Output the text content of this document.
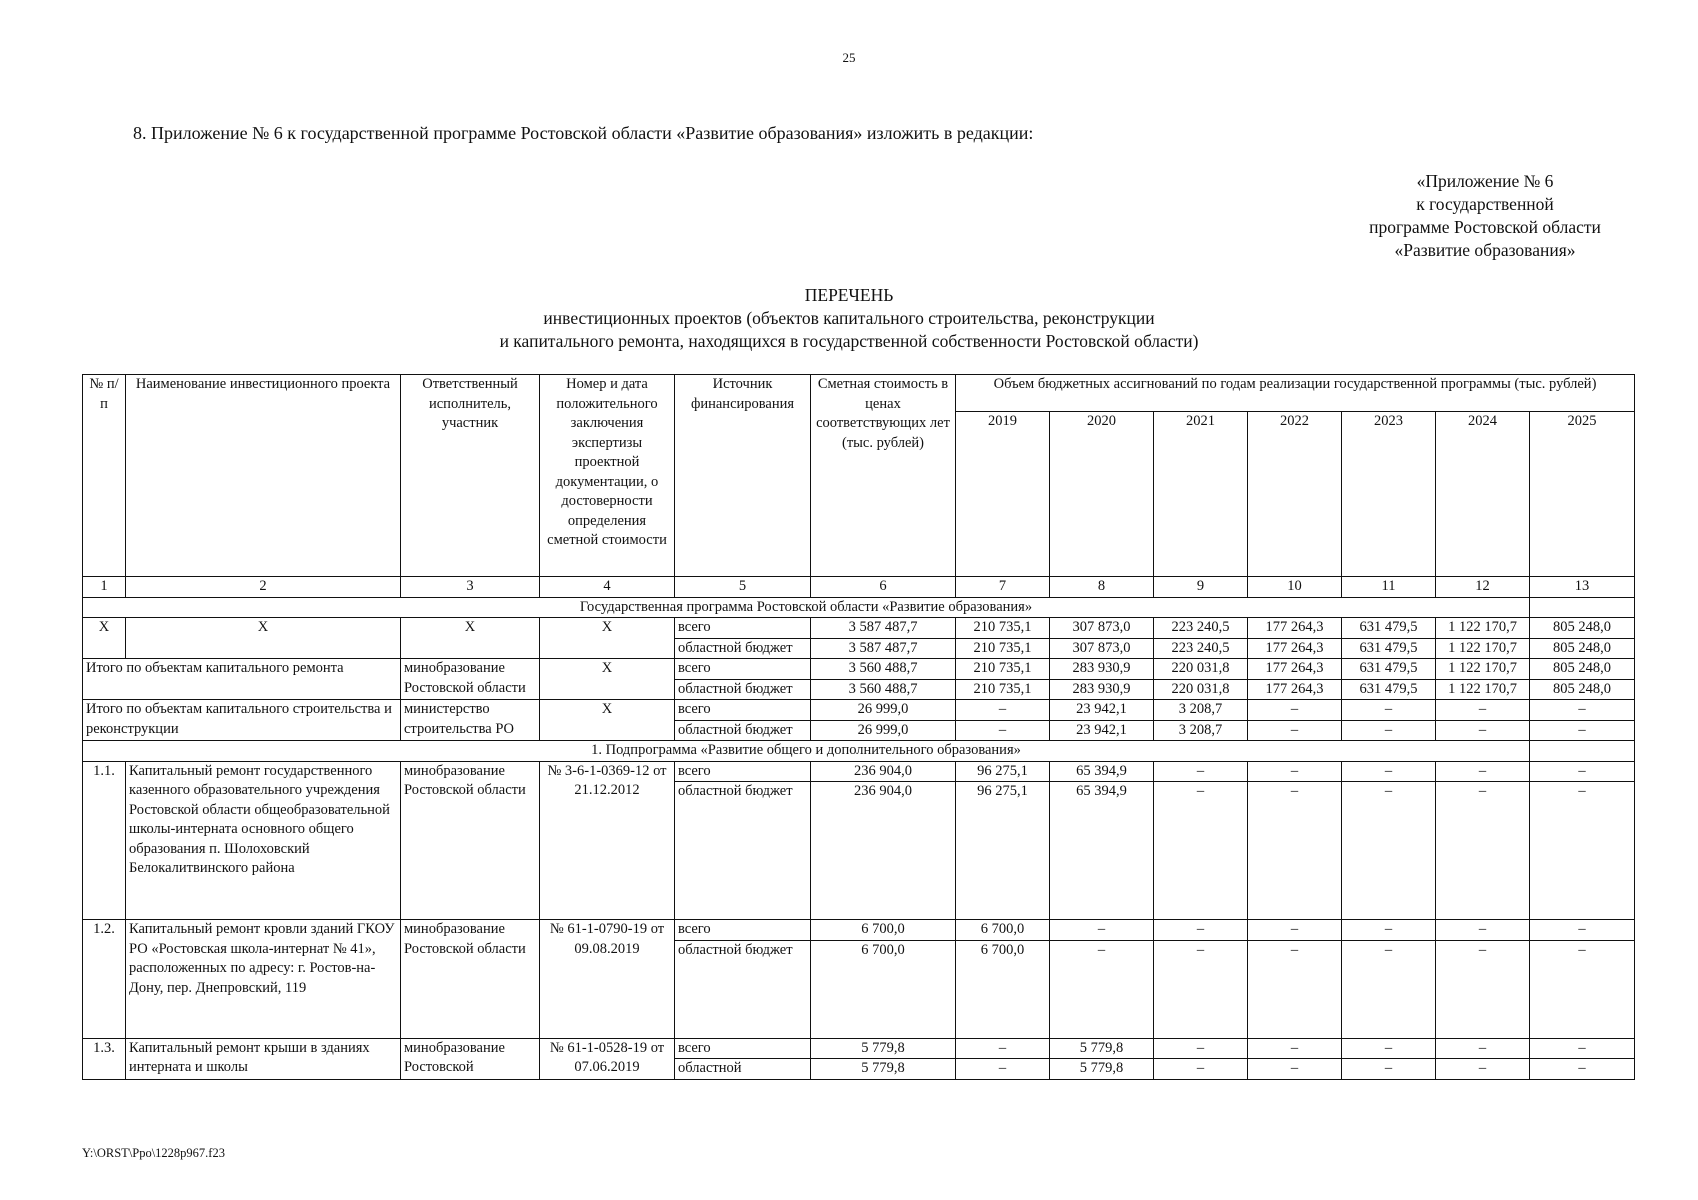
25
8. Приложение № 6 к государственной программе Ростовской области «Развитие образования» изложить в редакции:
«Приложение № 6
к государственной
программе Ростовской области
«Развитие образования»
ПЕРЕЧЕНЬ
инвестиционных проектов (объектов капитального строительства, реконструкции
и капитального ремонта, находящихся в государственной собственности Ростовской области)
№ п/п	Наименование инвестиционного проекта	Ответственный исполнитель, участник	Номер и дата положительного заключения экспертизы проектной документации, о достоверности определения сметной стоимости	Источник финансирования	Сметная стоимость в ценах соответствующих лет (тыс. рублей)	Объем бюджетных ассигнований по годам реализации государственной программы (тыс. рублей)						
						2019	2020	2021	2022	2023	2024	2025
1	2	3	4	5	6	7	8	9	10	11	12	13
Государственная программа Ростовской области «Развитие образования»												
Х	Х	Х	Х	всего	3 587 487,7	210 735,1	307 873,0	223 240,5	177 264,3	631 479,5	1 122 170,7	805 248,0
				областной бюджет	3 587 487,7	210 735,1	307 873,0	223 240,5	177 264,3	631 479,5	1 122 170,7	805 248,0
Итого по объектам капитального ремонта		минобразование Ростовской области	Х	всего	3 560 488,7	210 735,1	283 930,9	220 031,8	177 264,3	631 479,5	1 122 170,7	805 248,0
				областной бюджет	3 560 488,7	210 735,1	283 930,9	220 031,8	177 264,3	631 479,5	1 122 170,7	805 248,0
Итого по объектам капитального строительства и реконструкции		министерство строительства РО	Х	всего	26 999,0	–	23 942,1	3 208,7	–	–	–	–
				областной бюджет	26 999,0	–	23 942,1	3 208,7	–	–	–	–
1. Подпрограмма «Развитие общего и дополнительного образования»												
1.1.	Капитальный ремонт государственного казенного образовательного учреждения Ростовской области общеобразовательной школы-интерната основного общего образования п. Шолоховский Белокалитвинского района	минобразование Ростовской области	№ 3-6-1-0369-12 от 21.12.2012	всего	236 904,0	96 275,1	65 394,9	–	–	–	–	–
				областной бюджет	236 904,0	96 275,1	65 394,9	–	–	–	–	–
1.2.	Капитальный ремонт кровли зданий ГКОУ РО «Ростовская школа-интернат № 41», расположенных по адресу: г. Ростов-на-Дону, пер. Днепровский, 119	минобразование Ростовской области	№ 61-1-0790-19 от 09.08.2019	всего	6 700,0	6 700,0	–	–	–	–	–	–
				областной бюджет	6 700,0	6 700,0	–	–	–	–	–	–
1.3.	Капитальный ремонт крыши в зданиях интерната и школы	минобразование Ростовской	№ 61-1-0528-19 от 07.06.2019	всего	5 779,8	–	5 779,8	–	–	–	–	–
				областной	5 779,8	–	5 779,8	–	–	–	–	–
Y:\ORST\Ppo\1228p967.f23
